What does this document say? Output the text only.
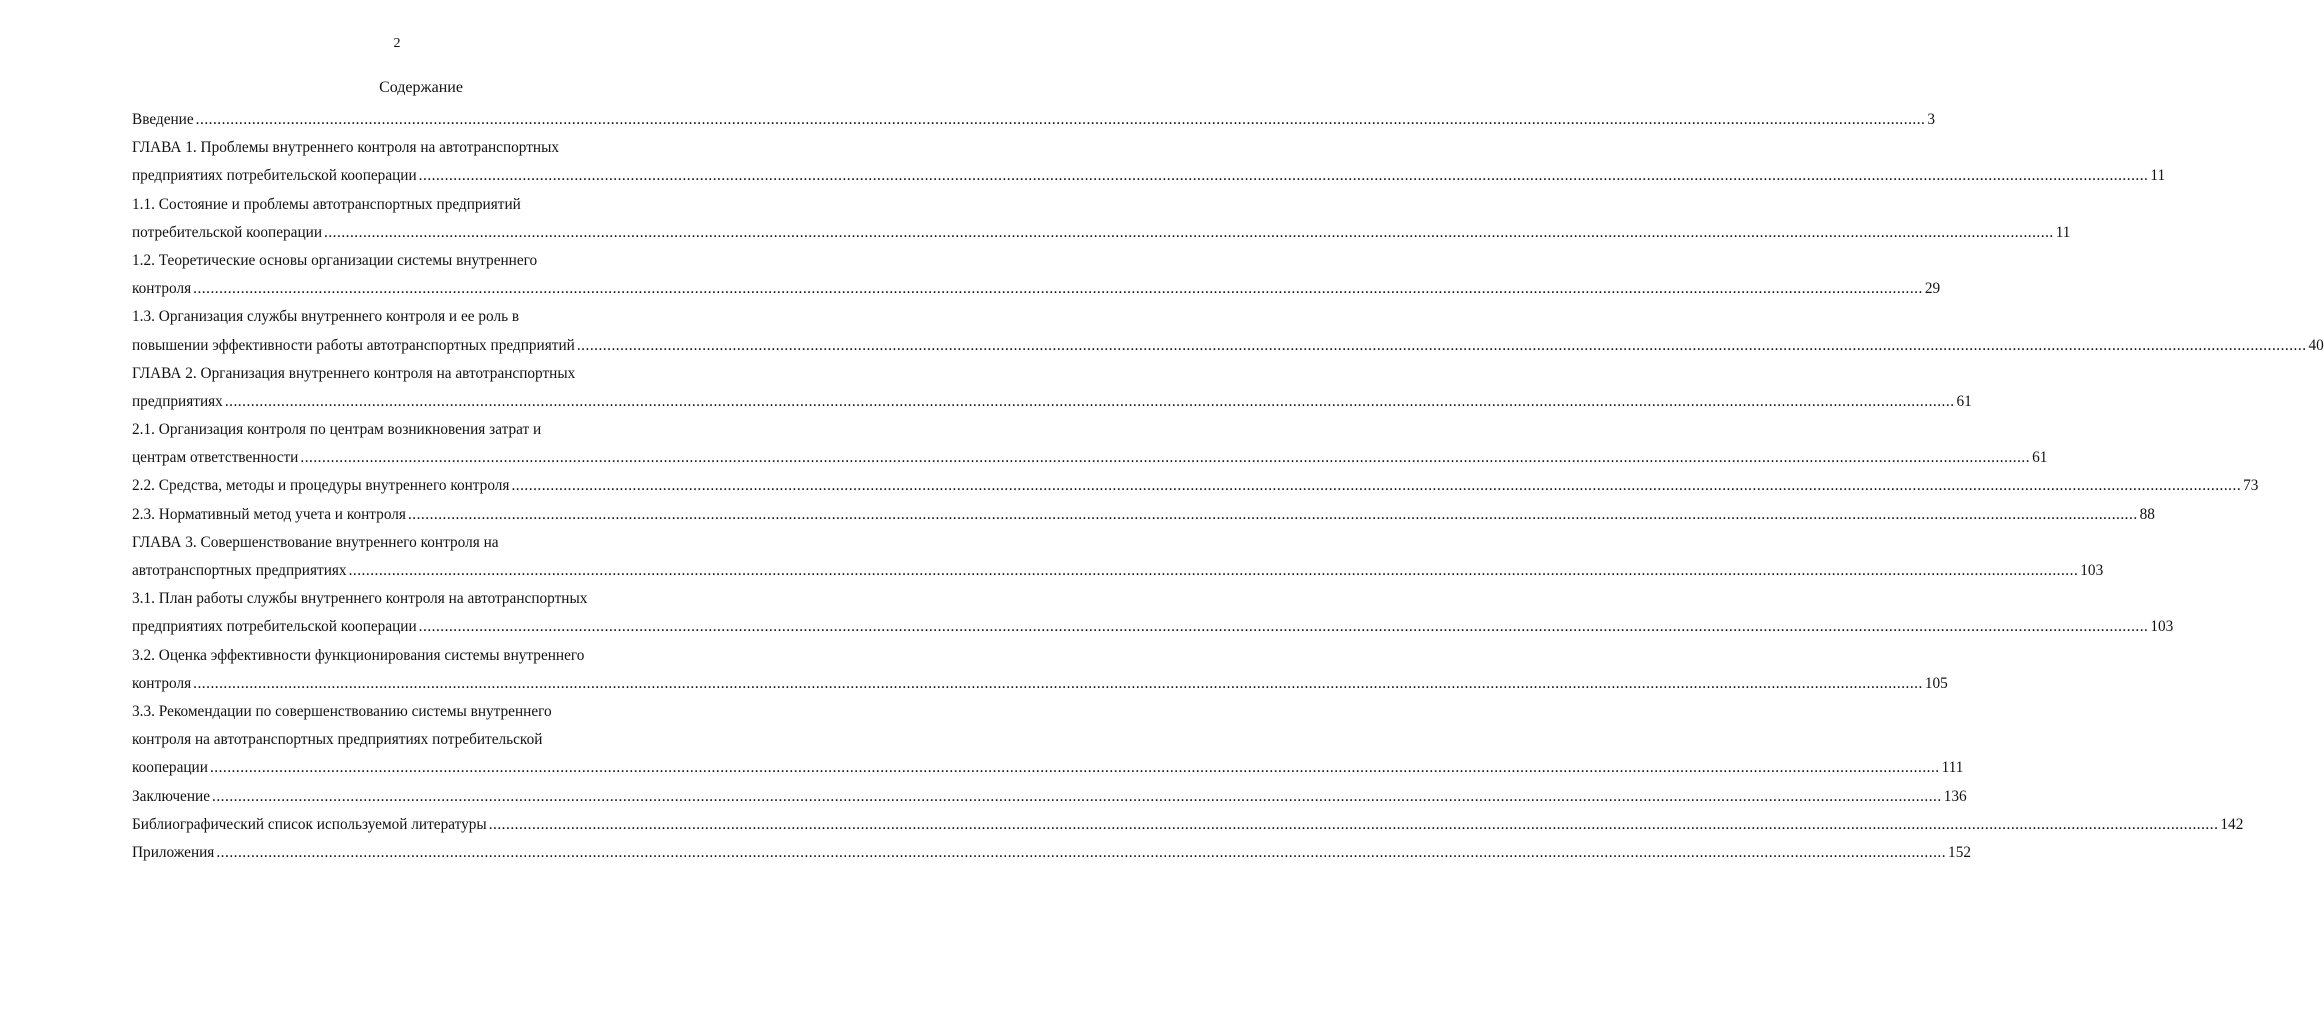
2
Содержание
Введение ................................................................................................................................................................................................................................................................................................................................................................................................................ 3
ГЛАВА 1. Проблемы внутреннего контроля на автотранспортных
предприятиях потребительской кооперации ................................................................................................................................................................................................................................................................................................................................................................................................................ 11
1.1. Состояние и проблемы автотранспортных предприятий
потребительской кооперации ................................................................................................................................................................................................................................................................................................................................................................................................................ 11
1.2. Теоретические основы организации системы внутреннего
контроля ................................................................................................................................................................................................................................................................................................................................................................................................................ 29
1.3. Организация службы внутреннего контроля и ее роль в
повышении эффективности работы автотранспортных предприятий ................................................................................................................................................................................................................................................................................................................................................................................................................ 40
ГЛАВА 2. Организация внутреннего контроля на автотранспортных
предприятиях ................................................................................................................................................................................................................................................................................................................................................................................................................ 61
2.1. Организация контроля по центрам возникновения затрат и
центрам ответственности ................................................................................................................................................................................................................................................................................................................................................................................................................ 61
2.2. Средства, методы и процедуры внутреннего контроля ................................................................................................................................................................................................................................................................................................................................................................................................................ 73
2.3. Нормативный метод учета и контроля ................................................................................................................................................................................................................................................................................................................................................................................................................ 88
ГЛАВА 3. Совершенствование внутреннего контроля на
автотранспортных предприятиях ................................................................................................................................................................................................................................................................................................................................................................................................................ 103
3.1. План работы службы внутреннего контроля на автотранспортных
предприятиях потребительской кооперации ................................................................................................................................................................................................................................................................................................................................................................................................................ 103
3.2. Оценка эффективности функционирования системы внутреннего
контроля ................................................................................................................................................................................................................................................................................................................................................................................................................ 105
3.3. Рекомендации по совершенствованию системы внутреннего
контроля на автотранспортных предприятиях потребительской
кооперации ................................................................................................................................................................................................................................................................................................................................................................................................................ 111
Заключение ................................................................................................................................................................................................................................................................................................................................................................................................................ 136
Библиографический список используемой литературы ................................................................................................................................................................................................................................................................................................................................................................................................................ 142
Приложения ................................................................................................................................................................................................................................................................................................................................................................................................................ 152
